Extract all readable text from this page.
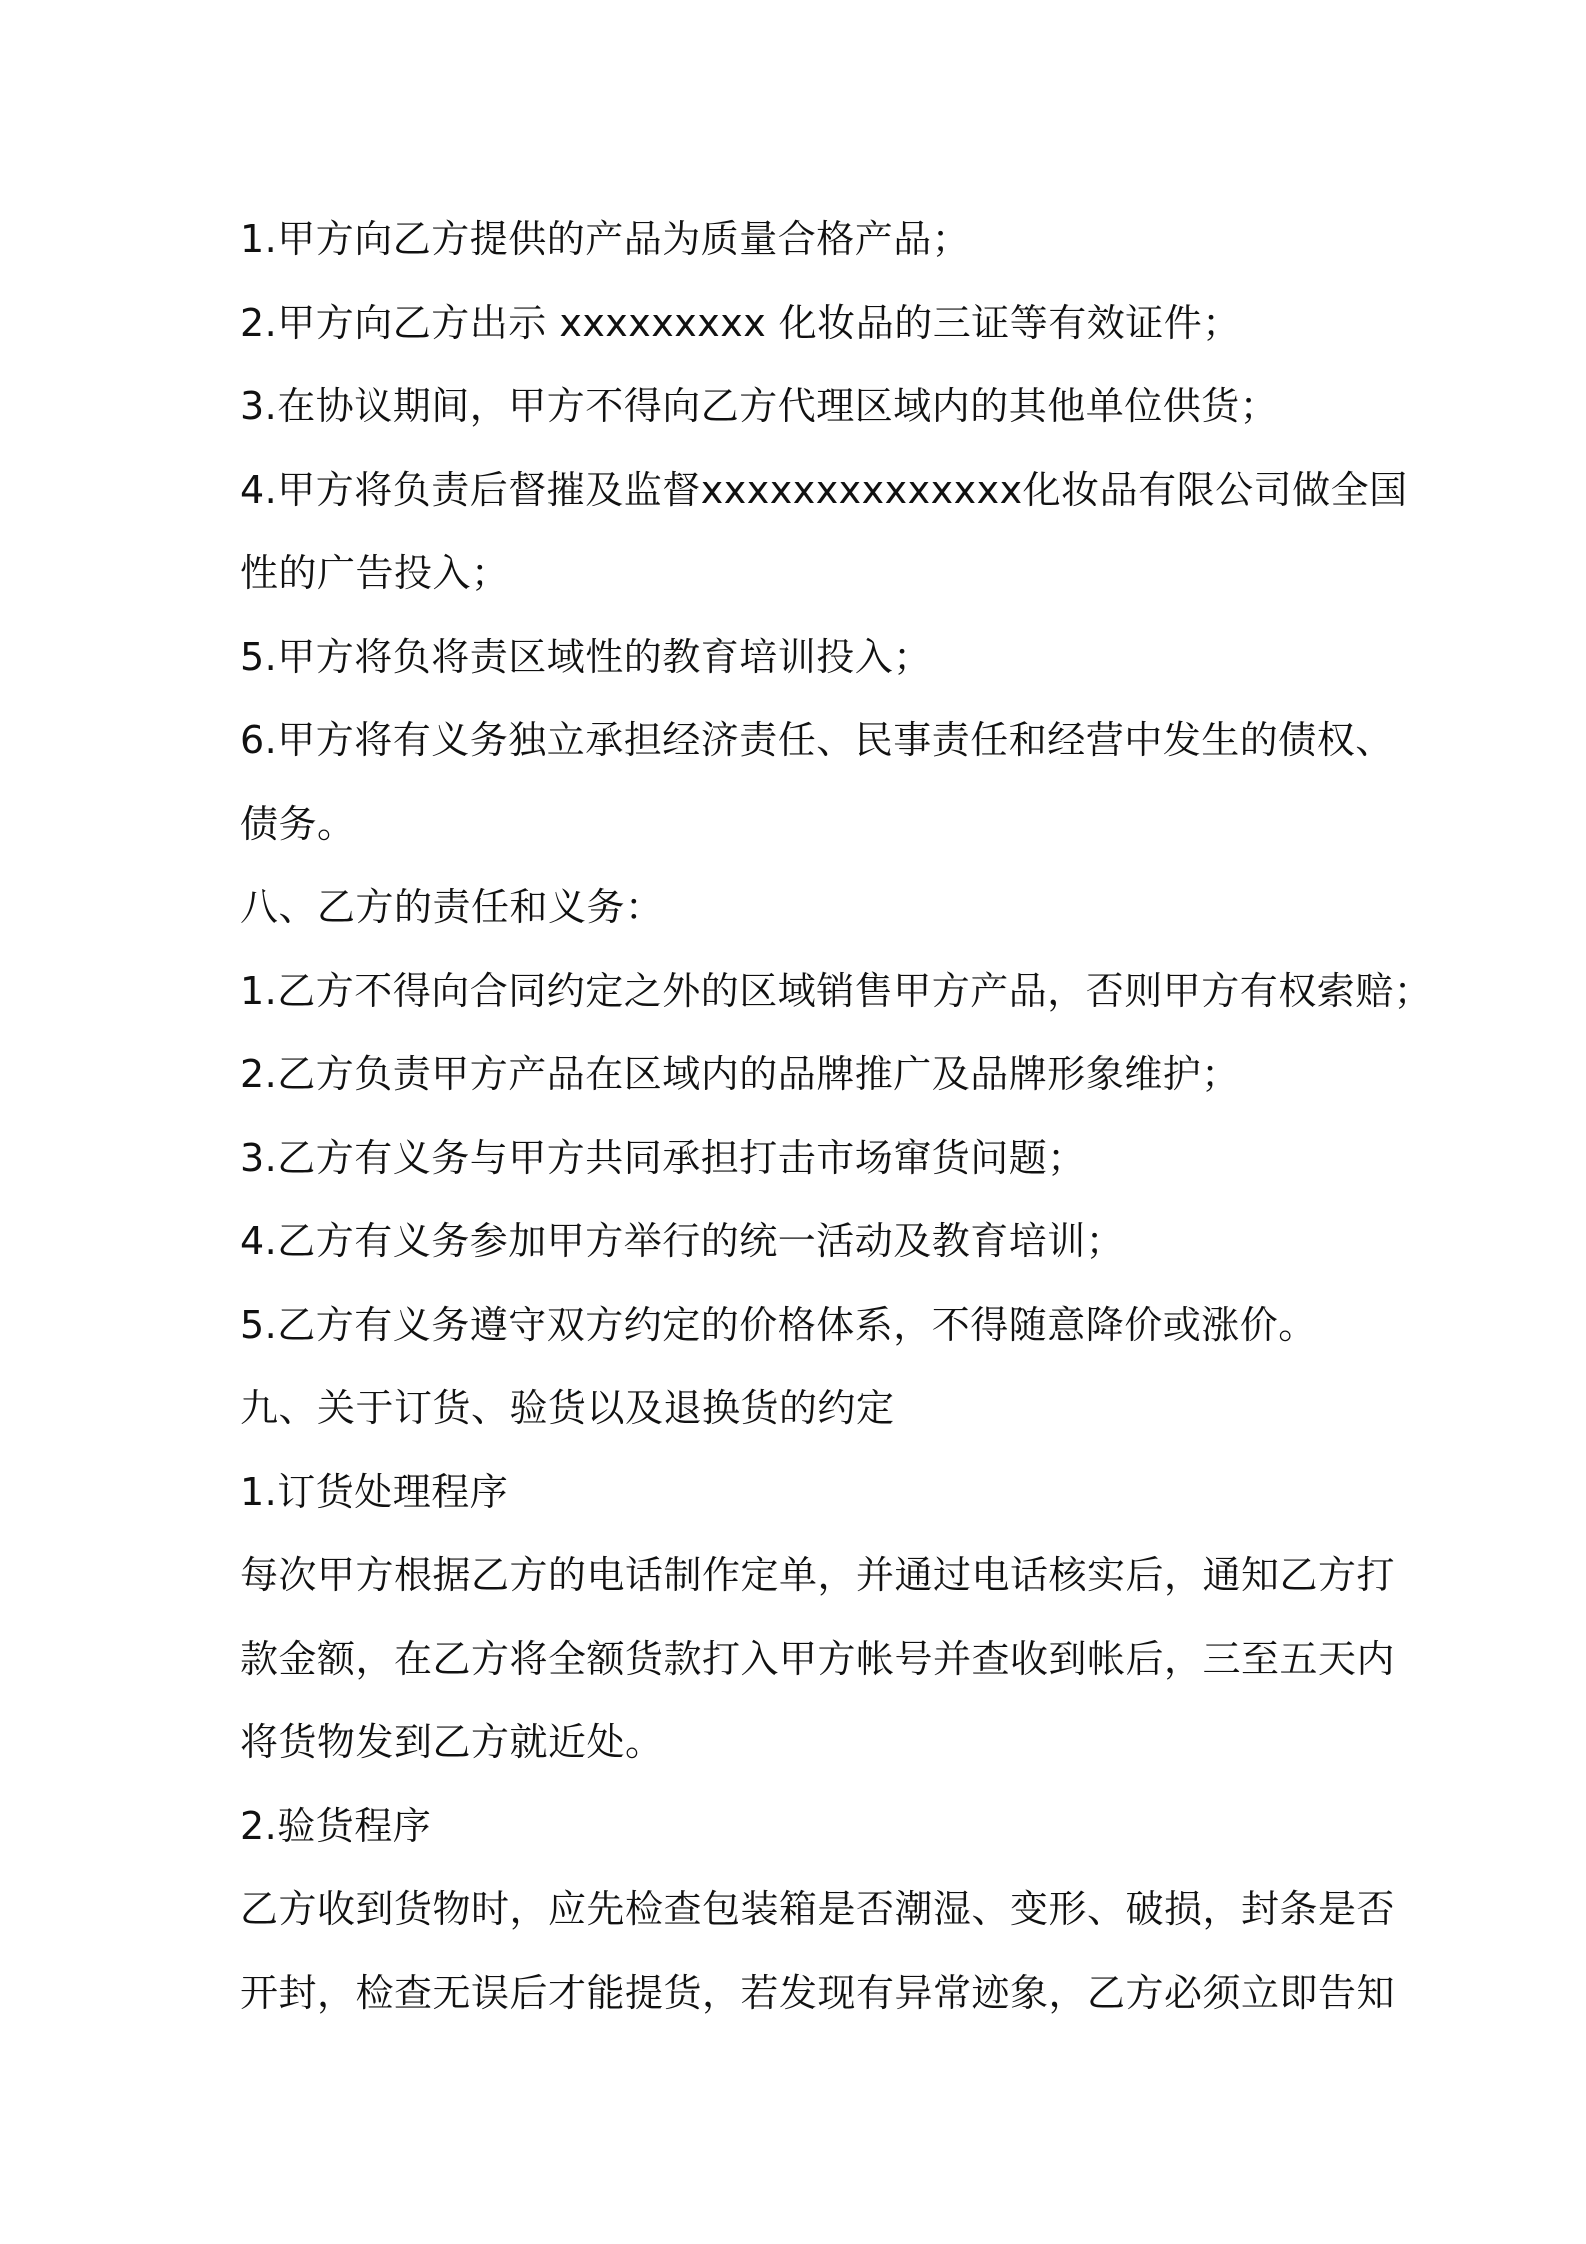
1.甲方向乙方提供的产品为质量合格产品；
2.甲方向乙方出示 xxxxxxxxx 化妆品的三证等有效证件；
3.在协议期间，甲方不得向乙方代理区域内的其他单位供货；
4.甲方将负责后督摧及监督xxxxxxxxxxxxxx化妆品有限公司做全国
性的广告投入；
5.甲方将负将责区域性的教育培训投入；
6.甲方将有义务独立承担经济责任、民事责任和经营中发生的债权、
债务。
八、乙方的责任和义务：
1.乙方不得向合同约定之外的区域销售甲方产品，否则甲方有权索赔；
2.乙方负责甲方产品在区域内的品牌推广及品牌形象维护；
3.乙方有义务与甲方共同承担打击市场窜货问题；
4.乙方有义务参加甲方举行的统一活动及教育培训；
5.乙方有义务遵守双方约定的价格体系，不得随意降价或涨价。
九、关于订货、验货以及退换货的约定
1.订货处理程序
每次甲方根据乙方的电话制作定单，并通过电话核实后，通知乙方打
款金额，在乙方将全额货款打入甲方帐号并查收到帐后，三至五天内
将货物发到乙方就近处。
2.验货程序
乙方收到货物时，应先检查包装箱是否潮湿、变形、破损，封条是否
开封，检查无误后才能提货，若发现有异常迹象，乙方必须立即告知
